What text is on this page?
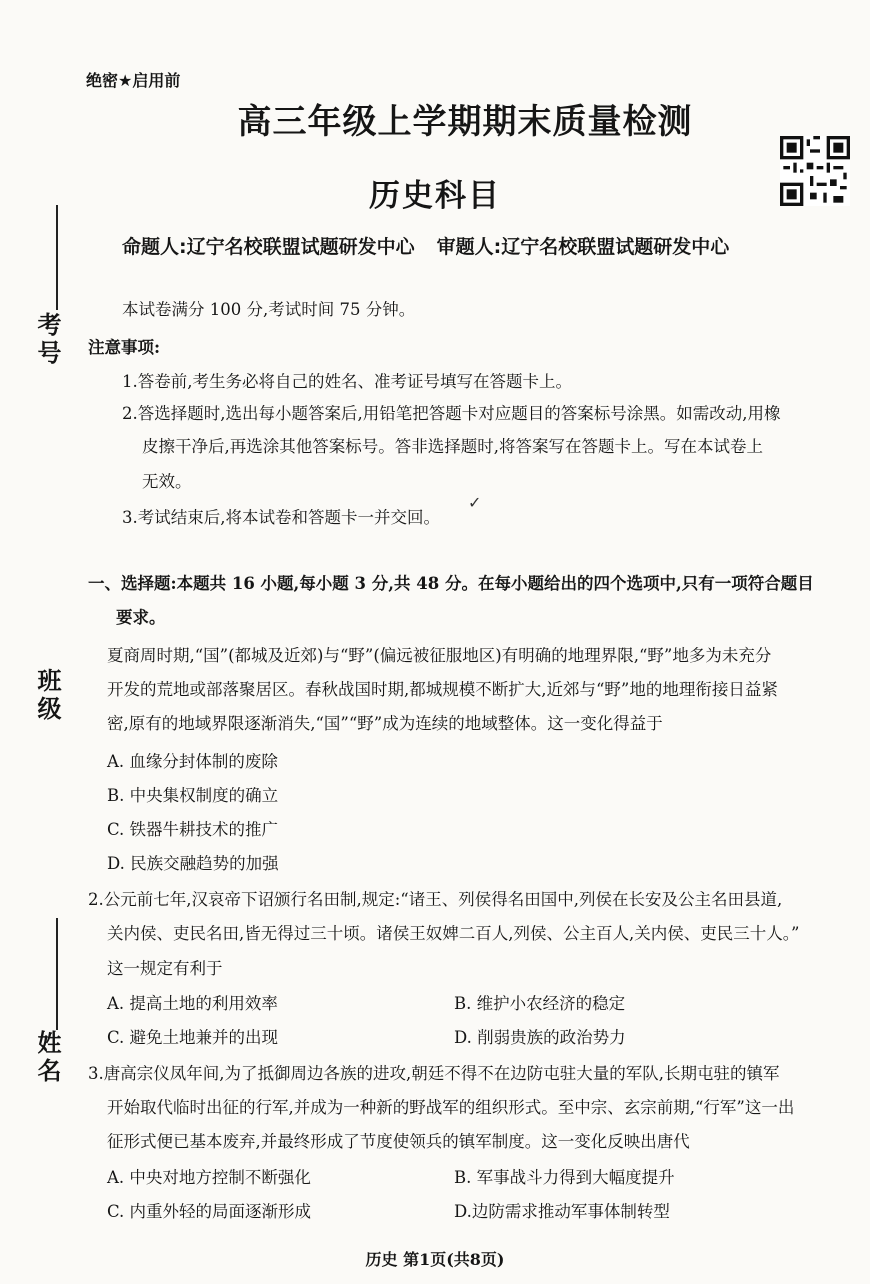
绝密★启用前
高三年级上学期期末质量检测
历史科目
命题人:辽宁名校联盟试题研发中心 审题人:辽宁名校联盟试题研发中心
考号
班级
姓名
本试卷满分 100 分,考试时间 75 分钟。
注意事项:
1.答卷前,考生务必将自己的姓名、准考证号填写在答题卡上。
2.答选择题时,选出每小题答案后,用铅笔把答题卡对应题目的答案标号涂黑。如需改动,用橡
皮擦干净后,再选涂其他答案标号。答非选择题时,将答案写在答题卡上。写在本试卷上
无效。
3.考试结束后,将本试卷和答题卡一并交回。
✓
一、选择题:本题共 16 小题,每小题 3 分,共 48 分。在每小题给出的四个选项中,只有一项符合题目
要求。
夏商周时期,“国”(都城及近郊)与“野”(偏远被征服地区)有明确的地理界限,“野”地多为未充分
开发的荒地或部落聚居区。春秋战国时期,都城规模不断扩大,近郊与“野”地的地理衔接日益紧
密,原有的地域界限逐渐消失,“国”“野”成为连续的地域整体。这一变化得益于
A. 血缘分封体制的废除
B. 中央集权制度的确立
C. 铁器牛耕技术的推广
D. 民族交融趋势的加强
2.公元前七年,汉哀帝下诏颁行名田制,规定:“诸王、列侯得名田国中,列侯在长安及公主名田县道,
关内侯、吏民名田,皆无得过三十顷。诸侯王奴婢二百人,列侯、公主百人,关内侯、吏民三十人。”
这一规定有利于
A. 提高土地的利用效率	B. 维护小农经济的稳定
C. 避免土地兼并的出现	D. 削弱贵族的政治势力
3.唐高宗仪凤年间,为了抵御周边各族的进攻,朝廷不得不在边防屯驻大量的军队,长期屯驻的镇军
开始取代临时出征的行军,并成为一种新的野战军的组织形式。至中宗、玄宗前期,“行军”这一出
征形式便已基本废弃,并最终形成了节度使领兵的镇军制度。这一变化反映出唐代
A. 中央对地方控制不断强化	B. 军事战斗力得到大幅度提升
C. 内重外轻的局面逐渐形成	D.边防需求推动军事体制转型
历史 第1页(共8页)
